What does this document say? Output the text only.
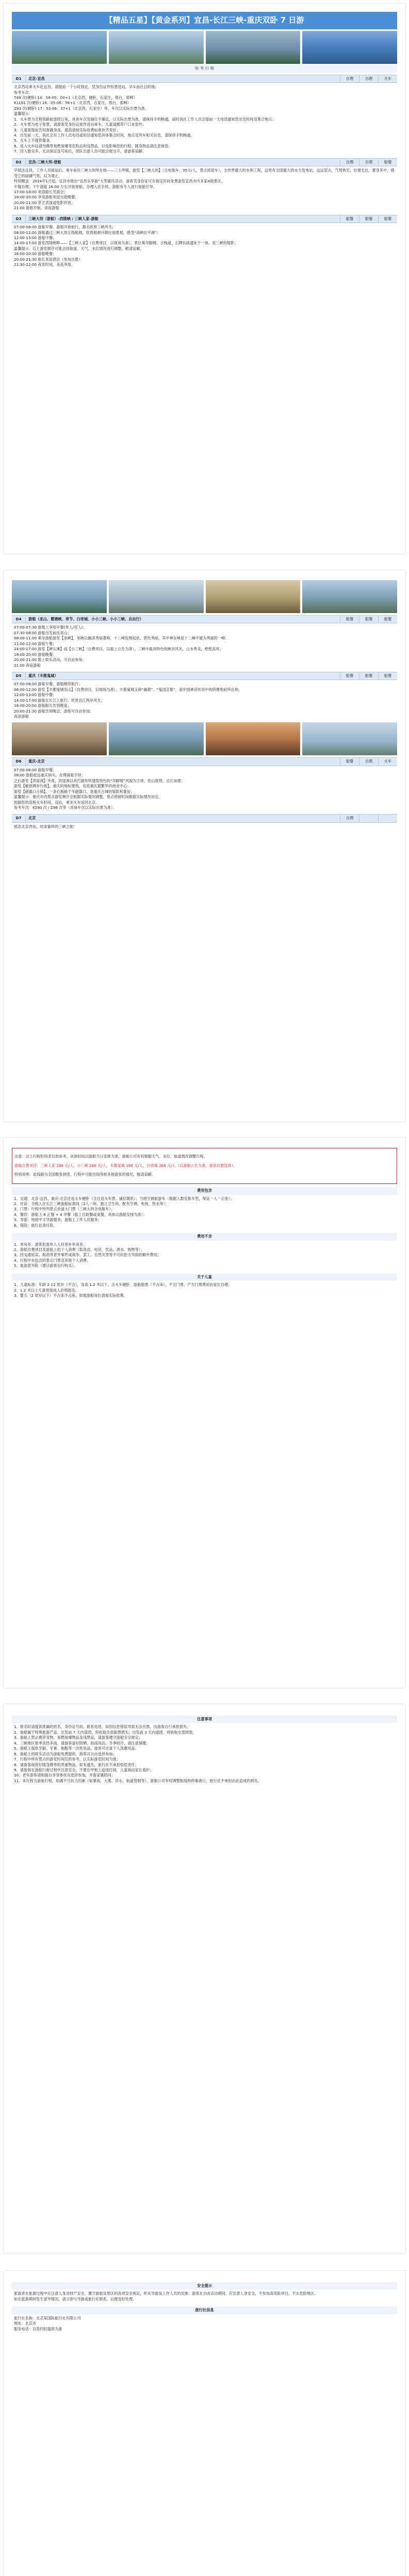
【精品五星】【黄金系列】宜昌-长江三峡-重庆双卧 7 日游
参 考 行 程
D1	北京-宜昌	自理	自理	火车

北京西站乘火车赴宜昌，请提前一个小时到达，凭身份证件检票进站，早车前往目的地：

参考车次：

T49 次(硬卧) 14：59-05：00+1（北京西，硬卧，石家庄，邢台，邯郸）

K1161 次(硬卧) 16：05-06：56+1（北京西，石家庄，邢台，邯郸）

Z93 次(硬卧) 17：53-06：37+1（北京西，石家庄）等，车次以实际出票为准。

温馨提示：

1、火车票为全程铁路旅游团订座，具体车次及铺位不确定，以实际出票为准，请保持手机畅通，届时我社工作人员会提前一天电话通知您出发时间及集合地点；

2、火车票为电子客票，请游客凭身份证原件进站乘车，儿童请携带户口本原件；

3、儿童需提前告知准确身高，超高请按实际收费标准补齐差价；

4、出发前一天，我社会有工作人员电话或短信通知您具体集合时间、地点及列车相关信息，请保持手机畅通。

5、火车上不提供餐食。

6、进入火车站请勿携带易燃易爆等危险品和违禁品，以免影响您的行程；随身物品请注意保管；

7、因人数众多，无法保证连号座位，团队出游人员可能会被分开，请游客谅解。

D2	宜昌-三峡大坝-登船	自理	自理	船餐

早抵达宜昌，工作人员接站后，乘车前往三峡大坝所在地——三斗坪镇，游览【三峡大坝】（含电瓶车：35元/人，景点接驳车），全世界最大的水利工程，这里有全国最大的水力发电站，远远望去，气势恢宏，壮观无比，置身其中，感受它的磅礴气势，叹为观止。

特别赠送：2024年1月起，宜昌市推出“宜昌乐享游”大型惠民活动，游客凭身份证可在指定时间免费游览宜昌市内多家A级景区。

中餐自理；下午游船 16:00 左右开始登船，办理入住手续，游船有专人进行登船引导。

17:00-18:00 欢迎船长见面会；

18:00-20:00 享用游船欢迎自助晚餐；

20:00-21:00 茶艺表演或电影欣赏；

21:00 游船开航，夜宿游船

D3	三峡大坝（游船）-西陵峡 / 三峡人家-游船	船餐	船餐	船餐

07:00-08:00 游船早餐，游船开始航行，静态欣赏三峡风光；

08:00-12:00 游船通过三峡大坝五级船闸，欣赏船闸升降壮丽景观，感受“高峡出平湖”；

12:00-13:00 游船中餐；

14:00-17:00 游览西陵峡畔——【三峡人家】（自费项目，以现场为准），景区集吊脚楼、古栈道、石牌抗战遗址于一体，是三峡的缩影；

温馨提示：以上游览顺序可能会因航道、天气、水位情况进行调整，敬请谅解。

18:00-20:00 游船晚餐；

20:00-21:30 船长欢迎酒会（参加自愿）

21:30-22:00 夜宵时间，美美享用。

D4	游船（巫山、瞿塘峡、奉节、白帝城、小小三峡、小小三峡、自由行）	船餐	船餐	船餐

07:00-07:30 游船上享用早餐(单人/双人)；

07:30-08:00 游船出发前往巫山；

08:00-11:00 乘坐游船游览【巫峡】，巫峡以幽深秀丽著称，十二峰连绵起伏，景色秀丽，其中神女峰是十二峰中最为秀丽的一峰；

11:00-12:00 游船午餐；

14:00-17:00 游览【神女溪】或【小三峡】（自费项目，以船上公告为准），三峡中最具特色的峡谷风光，山水秀美，绝壁高耸；

18:00-20:00 游船晚餐；

20:00-21:00 船上娱乐活动，可自由参加；

21:00 夜宿游船

D5	重庆（丰都鬼城）	船餐	船餐	船餐

07:00-08:00 游船早餐，游船继续航行；

08:00-12:00 游览【丰都鬼城名山】（自费项目，以现场为准），丰都鬼城又称“幽都”、“鬼国京都”，是中国神话传说中的阴曹地府所在地；

12:00-13:00 游船中餐；

14:00-17:00 游船在长江上航行，欣赏沿江两岸风光；

18:00-20:00 游船船长告别晚宴；

20:00-21:30 游船告别晚会，游客可自由参加；

夜宿游船

D6	重庆-北京	船餐	自理	火车

07:00-08:00 游船早餐；

08:00 游船抵达重庆码头，办理离船手续；

之后游览【洪崖洞】外观，洪崖洞以具巴渝传统建筑特色的“吊脚楼”风貌为主体，依山就势，沿江而建；

游览【解放碑步行街】，重庆的地标建筑，也是重庆最繁华的商业中心；

游览【磁器口古镇】，一条石板路千年磁器口，是重庆古城的缩影和象征；

温馨提示：重庆市内景点游览顺序会根据实际情况调整，景点停留时间根据实际情况而定。

根据您的返程火车时间，送站，乘坐火车返回北京。

参考车次：K590 次 / Z96 次等（具体车次以实际出票为准）。

D7	北京	自理

抵达北京西站，结束愉快的三峡之旅！

注意：以上行程时间表仅供参考，具体时间以游船当日安排为准，游船公司有权根据天气、水位、航道情况调整行程。

游船自费项目：三峡人家 298 元/人，小三峡 268 元/人，丰都鬼城 180 元/人，白帝城 268 元/人（以游船公告为准，游客自愿选择）。

特别说明：此线路为全国散客拼团，行程中可能出现等候其他游客的情况，敬请谅解。

费用包含

1、交通：北京-宜昌、重庆-北京往返火车硬卧（含往返火车票，铺位随机）；当地空调旅游车（根据人数安排车型，保证一人一正座）；

2、住宿：全程入住长江三峡游船标准间（2人一间，独立卫生间，配有空调、电视、热水等）；

3、门票：行程中所列景点首道大门票（三峡大坝含电瓶车）；

4、餐饮：游船上 8 正餐 + 4 早餐（船上自助餐或桌餐，具体以游船安排为准）；

5、导游：地接中文导游服务；游船上工作人员服务；

6、保险：旅行社责任险。

费用不含

1、单房差：游客如需单人入住须补单房差；

2、游船自费项目及游船上的个人消费（如洗衣、电话、饮品、酒水、购物等）；

3、因交通延误、取消等意外事件或战争、罢工、自然灾害等不可抗拒力导致的额外费用；

4、行程中未包含的景点门票及其他个人消费；

5、旅游意外险（建议游客自行购买）。

关于儿童

1、儿童标准：年龄 2-12 周岁（不含），身高 1.2 米以下，含火车硬卧、游船船票（不占床），不含门票，产生门票费用由家长自理；

2、1.2 米以上儿童须按成人价格报名。

3、婴儿（2 周岁以下）不占床不占座，如需游船床位请按实际收费。

注意事项

1、报名时请提供准确的姓名、身份证号码、联系电话，如因信息错误导致无法出票，由游客自行承担损失；

2、游船属于特殊旅游产品，出发前 7 天内退团，将收取全部船票损失；出发前 3 天内退团，将收取全部团款；

3、游船上禁止携带宠物、易燃易爆物品及违禁品，请游客遵守游船安全规定；

4、三峡地区夏季炎热多雨，请游客备好防晒、防雨用品；冬季较冷，请注意保暖；

5、游船上提供牙刷、牙膏、拖鞋等一次性用品，游客可自备个人洗漱用品；

6、游船上的娱乐活动为游船免费提供，游客可自由选择参加；

7、行程中所有景点的游览时间仅供参考，以实际游览时间为准；

8、请游客保管好随身携带的贵重物品，如有遗失，旅行社不承担赔偿责任；

9、请游客在游船行驶过程中注意安全，不要在甲板上追逐打闹，儿童须由家长看护；

10、老年游客请根据自身身体状况选择参加，并需家属陪同；

11、本行程为游船行程，如遇不可抗力因素（如暴雨、大雾、洪水、航道管制等），游船公司有权调整航线和停靠港口，旅行社不承担由此造成的损失。

安全提示

旅游者在旅游过程中应注意人身及财产安全，遵守游船及景区的各项安全规定，听从导游及工作人员的安排。游客在自由活动期间，应注意人身安全，不参加高风险项目，不去危险地区。

如在旅游期间发生意外情况，请立即与导游或旅行社联系，以便及时处理。

旅行社信息

旅行社名称：北京某国际旅行社有限公司

地址：北京市

服务电话：以签约时提供为准
